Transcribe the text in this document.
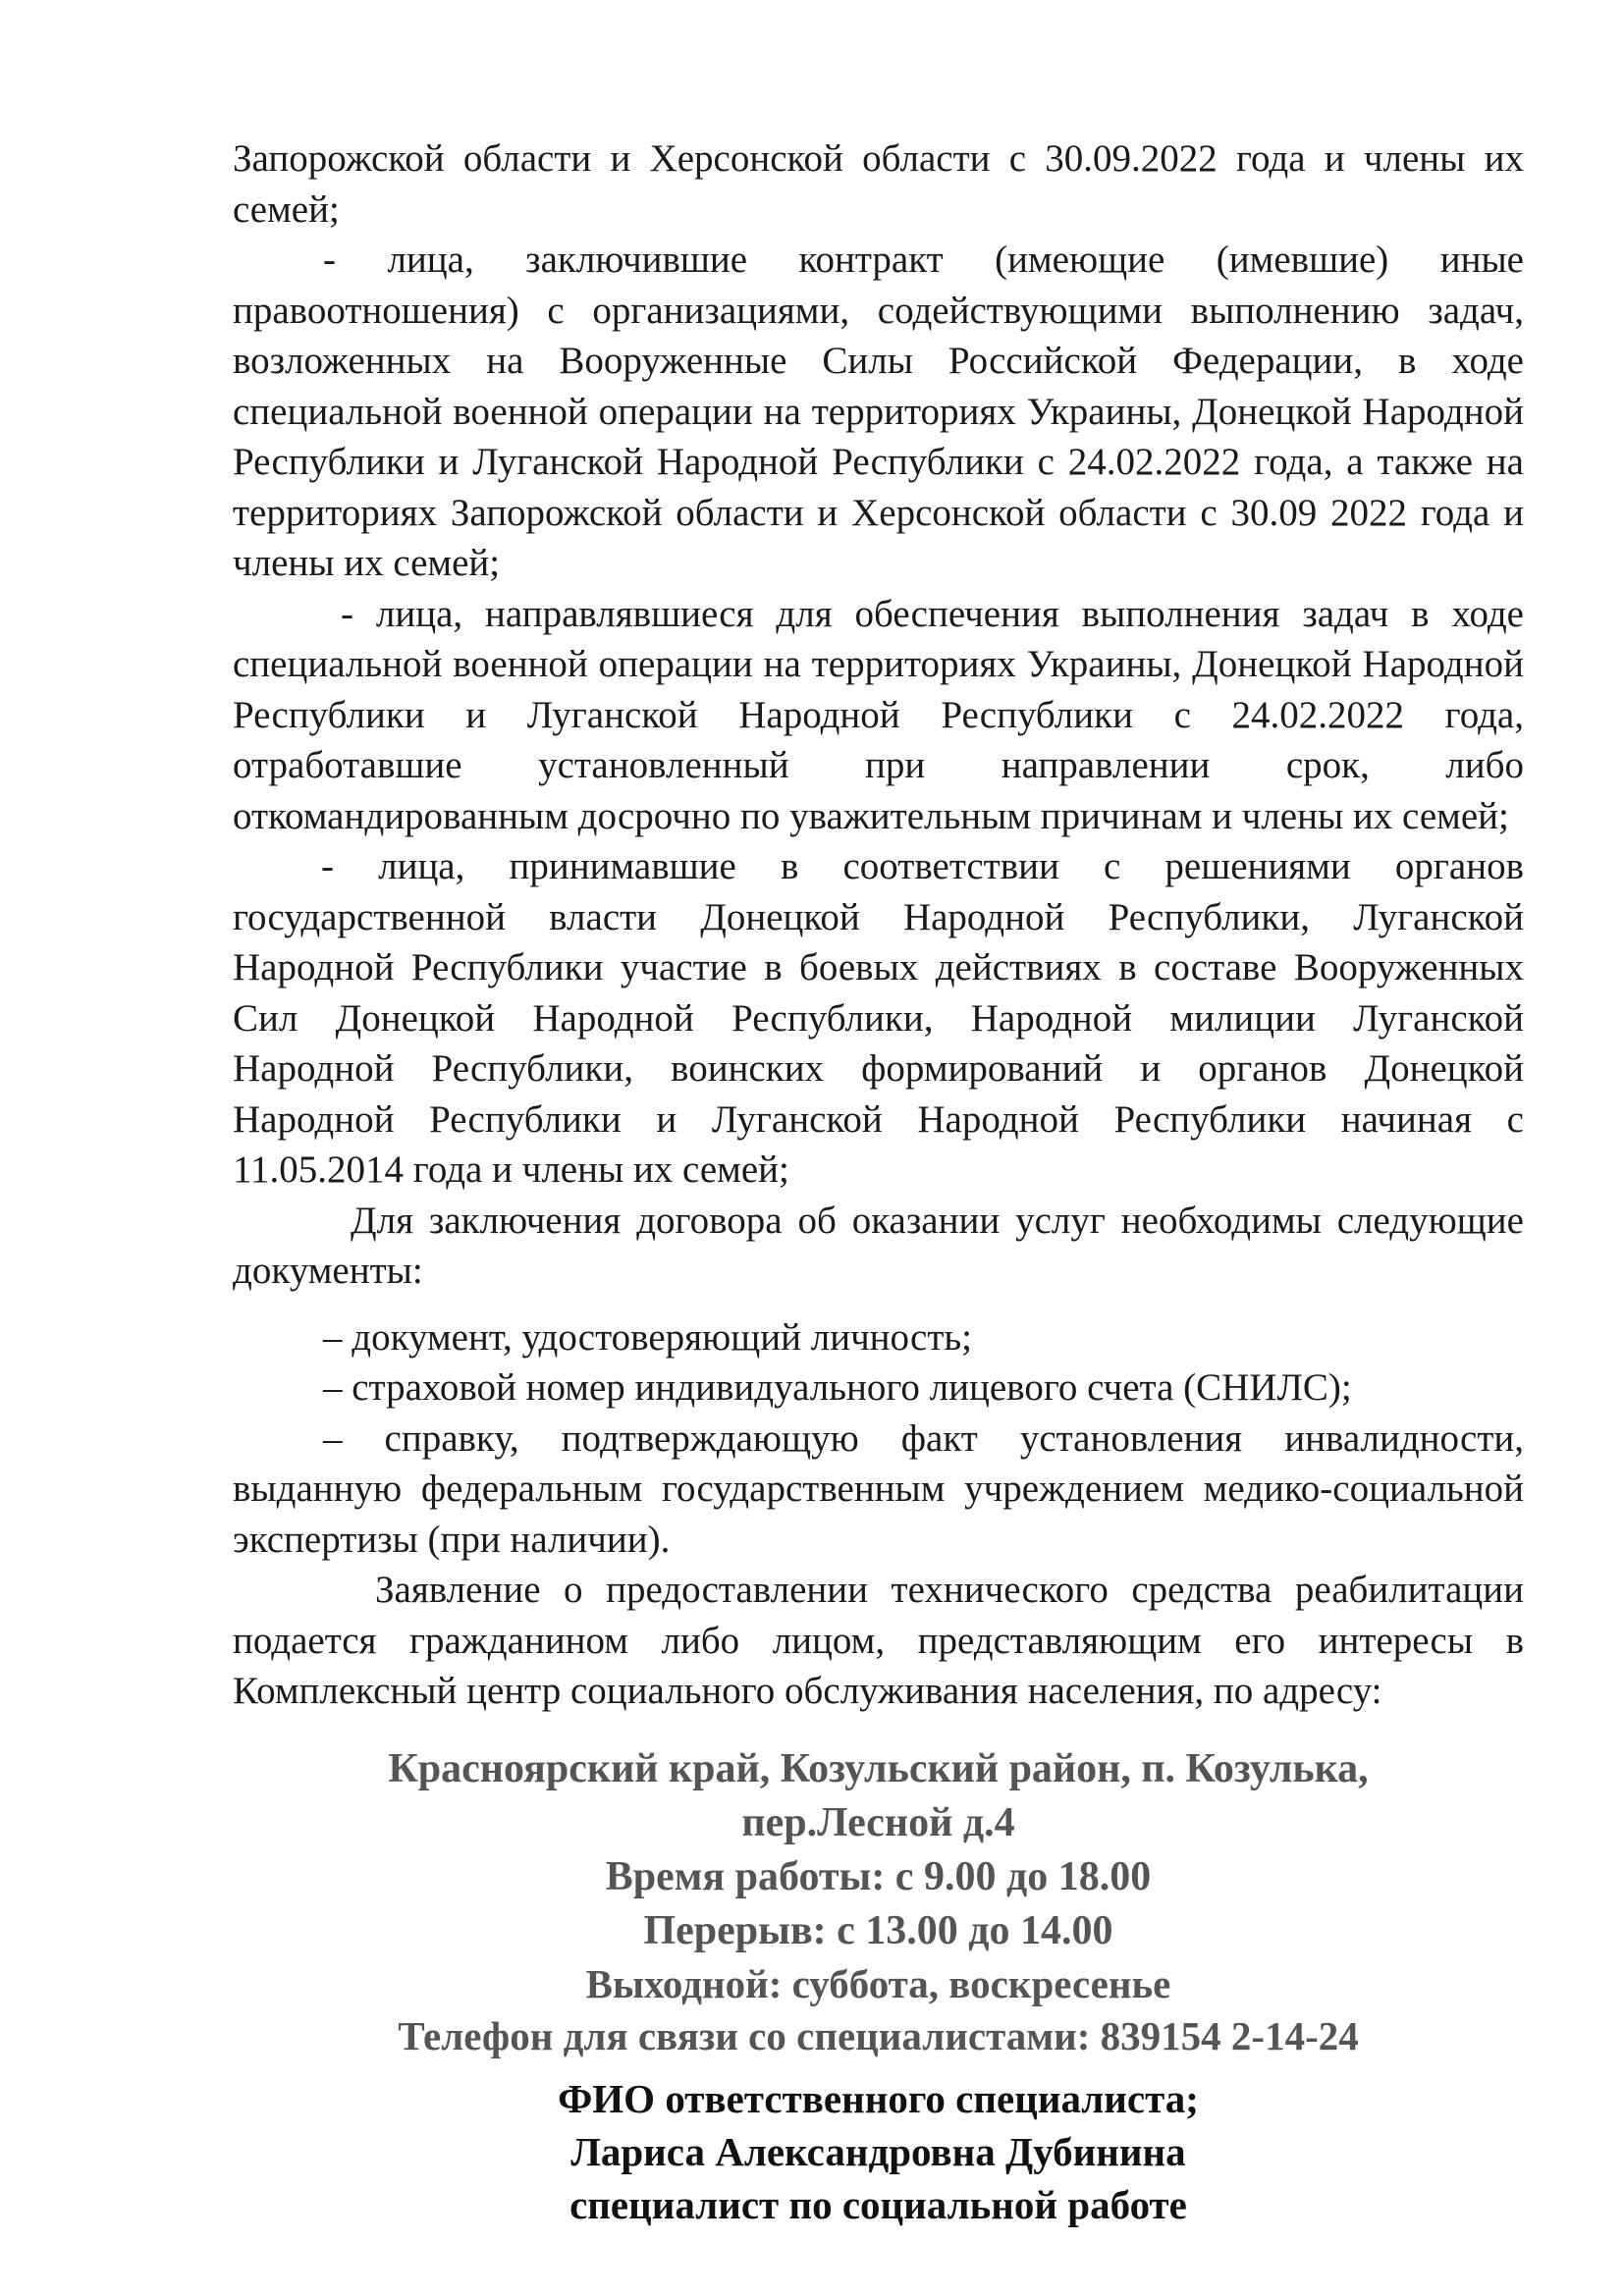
Запорожской области и Херсонской области с 30.09.2022 года и члены их семей;

- лица, заключившие контракт (имеющие (имевшие) иные правоотношения) с организациями, содействующими выполнению задач, возложенных на Вооруженные Силы Российской Федерации, в ходе специальной военной операции на территориях Украины, Донецкой Народной Республики и Луганской Народной Республики с 24.02.2022 года, а также на территориях Запорожской области и Херсонской области с 30.09 2022 года и члены их семей;

- лица, направлявшиеся для обеспечения выполнения задач в ходе специальной военной операции на территориях Украины, Донецкой Народной Республики и Луганской Народной Республики с 24.02.2022 года, отработавшие установленный при направлении срок, либо откомандированным досрочно по уважительным причинам и члены их семей;

- лица, принимавшие в соответствии с решениями органов государственной власти Донецкой Народной Республики, Луганской Народной Республики участие в боевых действиях в составе Вооруженных Сил Донецкой Народной Республики, Народной милиции Луганской Народной Республики, воинских формирований и органов Донецкой Народной Республики и Луганской Народной Республики начиная с 11.05.2014 года и члены их семей;

Для заключения договора об оказании услуг необходимы следующие документы:

– документ, удостоверяющий личность;

– страховой номер индивидуального лицевого счета (СНИЛС);

– справку, подтверждающую факт установления инвалидности, выданную федеральным государственным учреждением медико-социальной экспертизы (при наличии).

Заявление о предоставлении технического средства реабилитации подается гражданином либо лицом, представляющим его интересы в Комплексный центр социального обслуживания населения, по адресу:

Красноярский край, Козульский район, п. Козулька,

пер.Лесной д.4

Время работы: с 9.00 до 18.00

Перерыв: с 13.00 до 14.00

Выходной: суббота, воскресенье

Телефон для связи со специалистами: 839154 2-14-24

ФИО ответственного специалиста;

Лариса Александровна Дубинина

специалист по социальной работе
